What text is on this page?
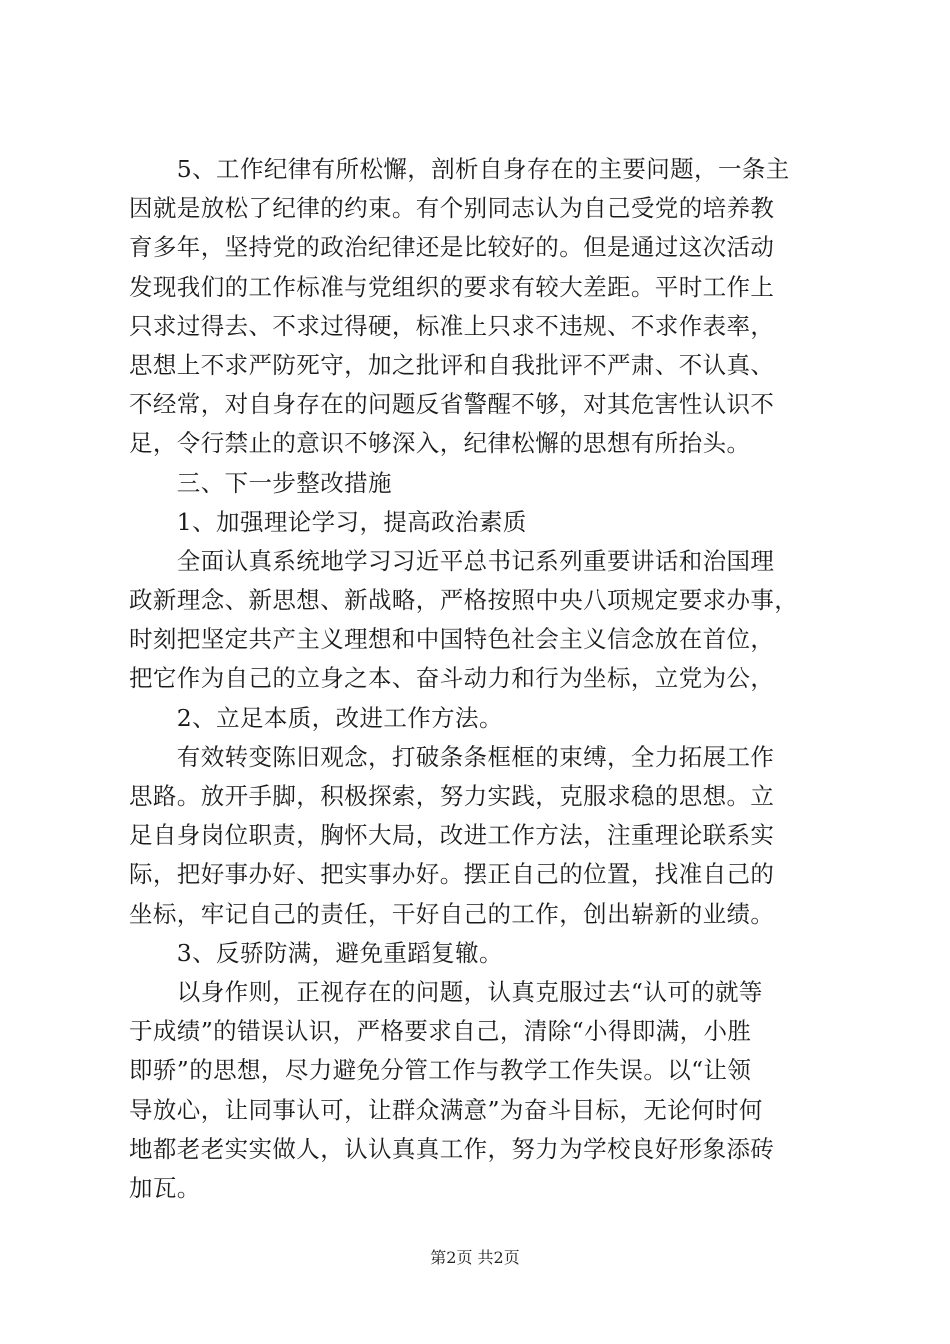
　　5、工作纪律有所松懈，剖析自身存在的主要问题，一条主
因就是放松了纪律的约束。有个别同志认为自己受党的培养教
育多年，坚持党的政治纪律还是比较好的。但是通过这次活动
发现我们的工作标准与党组织的要求有较大差距。平时工作上
只求过得去、不求过得硬，标准上只求不违规、不求作表率，
思想上不求严防死守，加之批评和自我批评不严肃、不认真、
不经常，对自身存在的问题反省警醒不够，对其危害性认识不
足，令行禁止的意识不够深入，纪律松懈的思想有所抬头。
　　三、下一步整改措施
　　1、加强理论学习，提高政治素质
　　全面认真系统地学习习近平总书记系列重要讲话和治国理
政新理念、新思想、新战略，严格按照中央八项规定要求办事，
时刻把坚定共产主义理想和中国特色社会主义信念放在首位，
把它作为自己的立身之本、奋斗动力和行为坐标，立党为公，
　　2、立足本质，改进工作方法。
　　有效转变陈旧观念，打破条条框框的束缚，全力拓展工作
思路。放开手脚，积极探索，努力实践，克服求稳的思想。立
足自身岗位职责，胸怀大局，改进工作方法，注重理论联系实
际，把好事办好、把实事办好。摆正自己的位置，找准自己的
坐标，牢记自己的责任，干好自己的工作，创出崭新的业绩。
　　3、反骄防满，避免重蹈复辙。
　　以身作则，正视存在的问题，认真克服过去“认可的就等
于成绩”的错误认识，严格要求自己，清除“小得即满，小胜
即骄”的思想，尽力避免分管工作与教学工作失误。以“让领
导放心，让同事认可，让群众满意”为奋斗目标，无论何时何
地都老老实实做人，认认真真工作，努力为学校良好形象添砖
加瓦。
第2页 共2页
